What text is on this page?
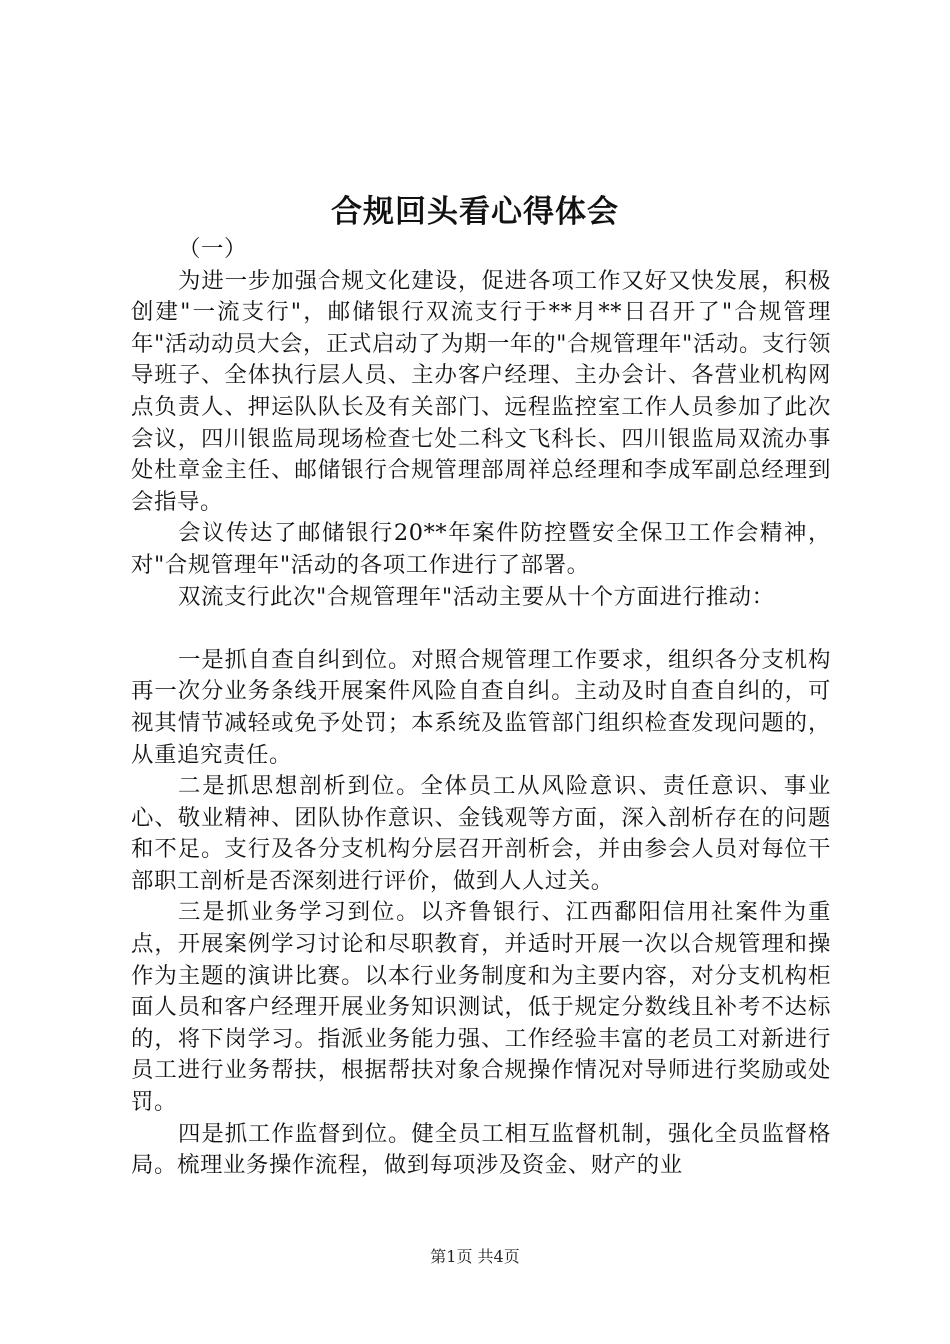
合规回头看心得体会

（一）

为进一步加强合规文化建设，促进各项工作又好又快发展，积极创建"一流支行"，邮储银行双流支行于**月**日召开了"合规管理年"活动动员大会，正式启动了为期一年的"合规管理年"活动。支行领导班子、全体执行层人员、主办客户经理、主办会计、各营业机构网点负责人、押运队队长及有关部门、远程监控室工作人员参加了此次会议，四川银监局现场检查七处二科文飞科长、四川银监局双流办事处杜章金主任、邮储银行合规管理部周祥总经理和李成军副总经理到会指导。

会议传达了邮储银行20**年案件防控暨安全保卫工作会精神，对"合规管理年"活动的各项工作进行了部署。

双流支行此次"合规管理年"活动主要从十个方面进行推动：

一是抓自查自纠到位。对照合规管理工作要求，组织各分支机构再一次分业务条线开展案件风险自查自纠。主动及时自查自纠的，可视其情节减轻或免予处罚；本系统及监管部门组织检查发现问题的，从重追究责任。

二是抓思想剖析到位。全体员工从风险意识、责任意识、事业心、敬业精神、团队协作意识、金钱观等方面，深入剖析存在的问题和不足。支行及各分支机构分层召开剖析会，并由参会人员对每位干部职工剖析是否深刻进行评价，做到人人过关。

三是抓业务学习到位。以齐鲁银行、江西鄱阳信用社案件为重点，开展案例学习讨论和尽职教育，并适时开展一次以合规管理和操作为主题的演讲比赛。以本行业务制度和为主要内容，对分支机构柜面人员和客户经理开展业务知识测试，低于规定分数线且补考不达标的，将下岗学习。指派业务能力强、工作经验丰富的老员工对新进行员工进行业务帮扶，根据帮扶对象合规操作情况对导师进行奖励或处罚。

四是抓工作监督到位。健全员工相互监督机制，强化全员监督格局。梳理业务操作流程，做到每项涉及资金、财产的业

第1页 共4页
